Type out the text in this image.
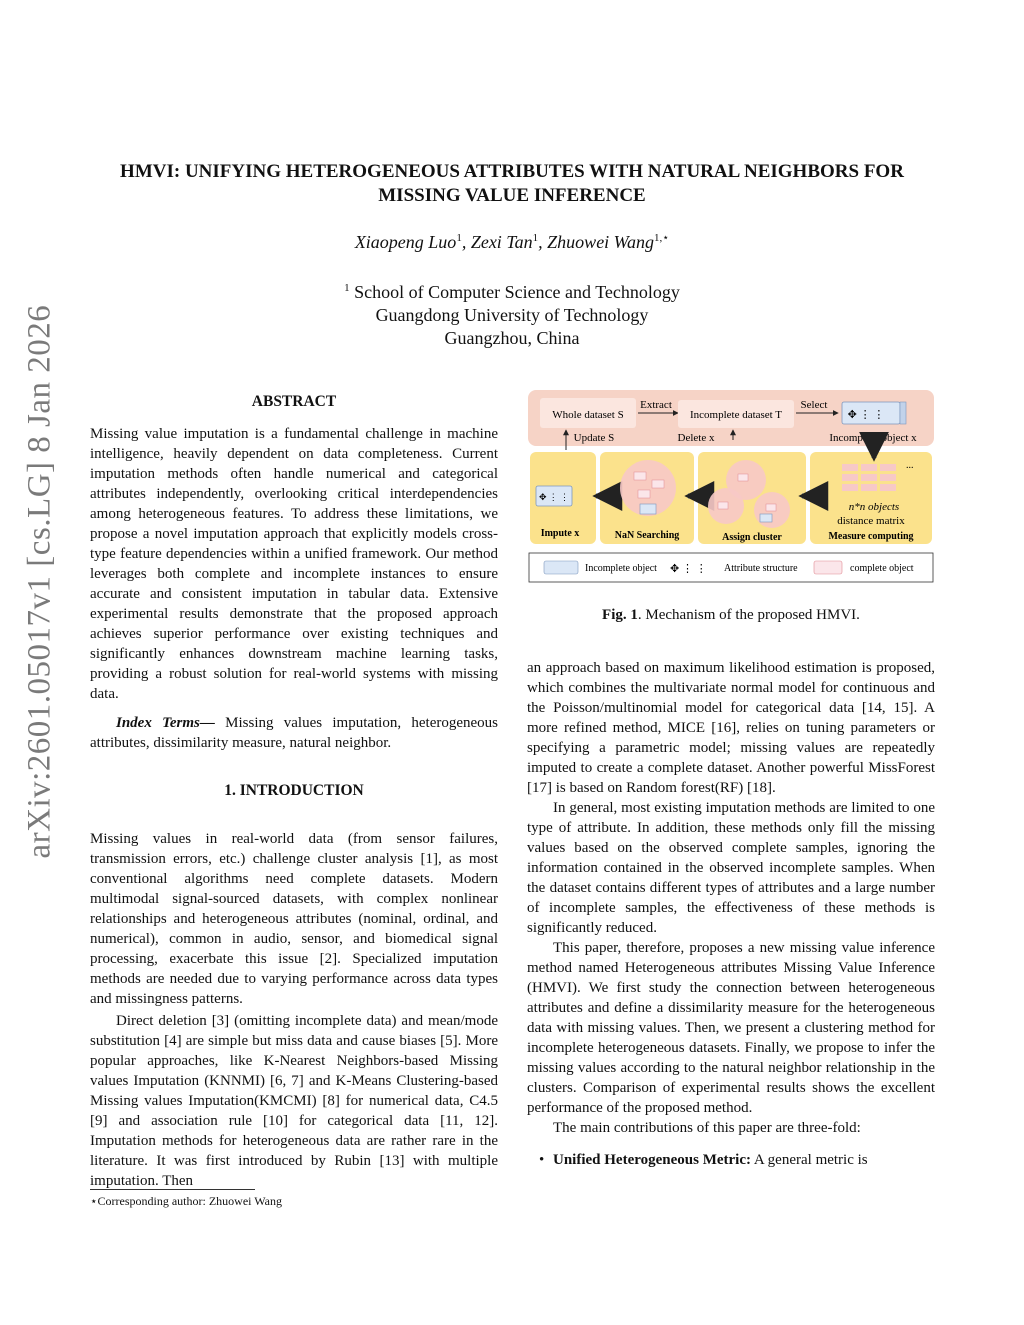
arXiv:2601.05017v1 [cs.LG] 8 Jan 2026
HMVI: UNIFYING HETEROGENEOUS ATTRIBUTES WITH NATURAL NEIGHBORS FOR
MISSING VALUE INFERENCE
Xiaopeng Luo$^1$, Zexi Tan$^1$, Zhuowei Wang$^{1,⋆}$
$^1$ School of Computer Science and Technology
Guangdong University of Technology
Guangzhou, China
ABSTRACT

Missing value imputation is a fundamental challenge in machine intelligence, heavily dependent on data completeness. Current imputation methods often handle numerical and categorical attributes independently, overlooking critical interdependencies among heterogeneous features. To address these limitations, we propose a novel imputation approach that explicitly models cross-type feature dependencies within a unified framework. Our method leverages both complete and incomplete instances to ensure accurate and consistent imputation in tabular data. Extensive experimental results demonstrate that the proposed approach achieves superior performance over existing techniques and significantly enhances downstream machine learning tasks, providing a robust solution for real-world systems with missing data.

Index Terms— Missing values imputation, heterogeneous attributes, dissimilarity measure, natural neighbor.

1. INTRODUCTION

Missing values in real-world data (from sensor failures, transmission errors, etc.) challenge cluster analysis [1], as most conventional algorithms need complete datasets. Modern multimodal signal-sourced datasets, with complex nonlinear relationships and heterogeneous attributes (nominal, ordinal, and numerical), common in audio, sensor, and biomedical signal processing, exacerbate this issue [2]. Specialized imputation methods are needed due to varying performance across data types and missingness patterns.

Direct deletion [3] (omitting incomplete data) and mean/mode substitution [4] are simple but miss data and cause biases [5]. More popular approaches, like K-Nearest Neighbors-based Missing values Imputation (KNNMI) [6, 7] and K-Means Clustering-based Missing values Imputation(KMCMI) [8] for numerical data, C4.5 [9] and association rule [10] for categorical data [11, 12]. Imputation methods for heterogeneous data are rather rare in the literature. It was first introduced by Rubin [13] with multiple imputation. Then

⋆Corresponding author: Zhuowei Wang
Whole dataset S
Extract
Incomplete dataset T
Select
✥ ⋮ ⋮
Incomplete object x
Update S	Delete x
✥ ⋮ ⋮
Impute x	NaN Searching	Assign cluster
...
n*n objects
distance matrix
Measure computing
Incomplete object ✥ ⋮ ⋮ Attribute structure	complete object
Fig. 1. Mechanism of the proposed HMVI.

an approach based on maximum likelihood estimation is proposed, which combines the multivariate normal model for continuous and the Poisson/multinomial model for categorical data [14, 15]. A more refined method, MICE [16], relies on tuning parameters or specifying a parametric model; missing values are repeatedly imputed to create a complete dataset. Another powerful MissForest [17] is based on Random forest(RF) [18].

In general, most existing imputation methods are limited to one type of attribute. In addition, these methods only fill the missing values based on the observed complete samples, ignoring the information contained in the observed incomplete samples. When the dataset contains different types of attributes and a large number of incomplete samples, the effectiveness of these methods is significantly reduced.

This paper, therefore, proposes a new missing value inference method named Heterogeneous attributes Missing Value Inference (HMVI). We first study the connection between heterogeneous attributes and define a dissimilarity measure for the heterogeneous data with missing values. Then, we present a clustering method for incomplete heterogeneous datasets. Finally, we propose to infer the missing values according to the natural neighbor relationship in the clusters. Comparison of experimental results shows the excellent performance of the proposed method.

The main contributions of this paper are three-fold:

• Unified Heterogeneous Metric: A general metric is
